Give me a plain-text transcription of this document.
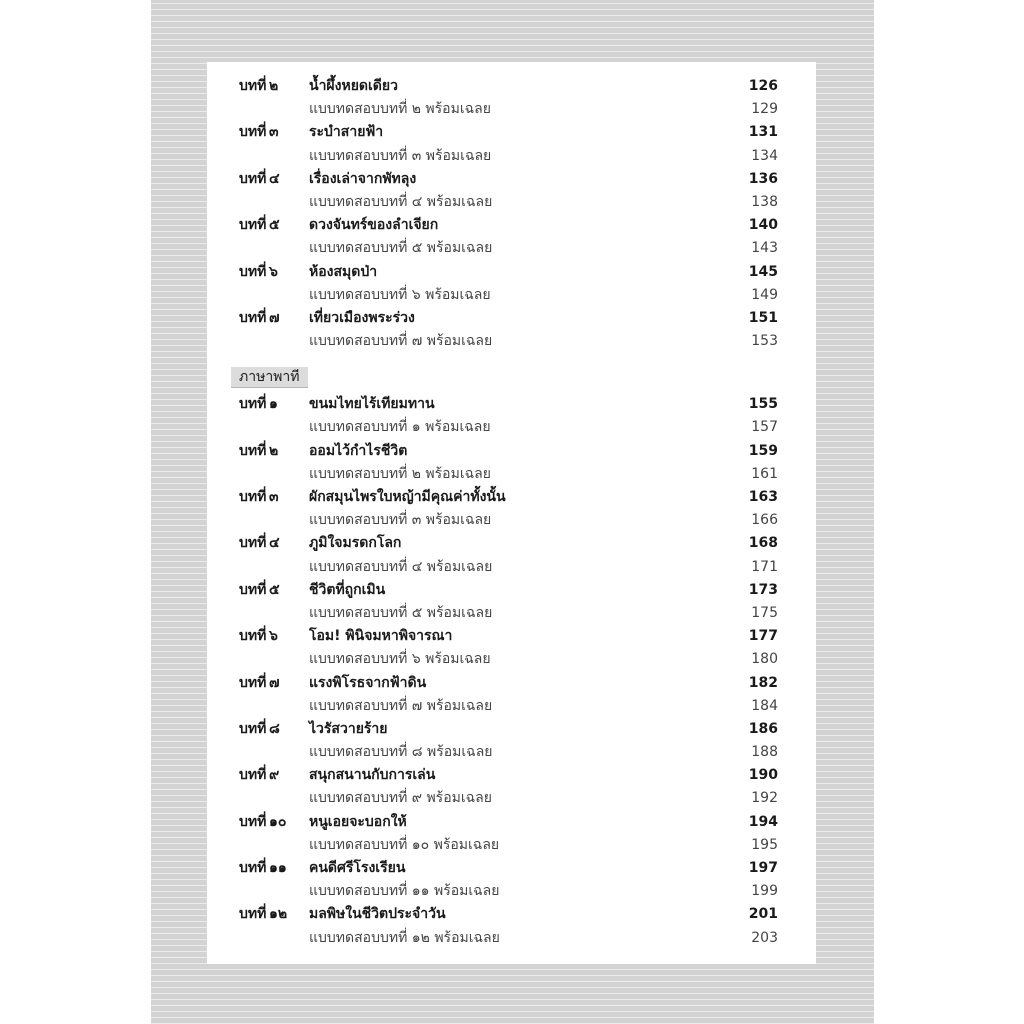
บทที่ ๒ น้ำผึ้งหยดเดียว	126
แบบทดสอบบทที่ ๒ พร้อมเฉลย	129
บทที่ ๓ ระบำสายฟ้า	131
แบบทดสอบบทที่ ๓ พร้อมเฉลย	134
บทที่ ๔ เรื่องเล่าจากพัทลุง	136
แบบทดสอบบทที่ ๔ พร้อมเฉลย	138
บทที่ ๕ ดวงจันทร์ของลำเจียก	140
แบบทดสอบบทที่ ๕ พร้อมเฉลย	143
บทที่ ๖ ห้องสมุดป่า	145
แบบทดสอบบทที่ ๖ พร้อมเฉลย	149
บทที่ ๗ เที่ยวเมืองพระร่วง	151
แบบทดสอบบทที่ ๗ พร้อมเฉลย	153
ภาษาพาที
บทที่ ๑ ขนมไทยไร้เทียมทาน	155
แบบทดสอบบทที่ ๑ พร้อมเฉลย	157
บทที่ ๒ ออมไว้กำไรชีวิต	159
แบบทดสอบบทที่ ๒ พร้อมเฉลย	161
บทที่ ๓ ผักสมุนไพรใบหญ้ามีคุณค่าทั้งนั้น	163
แบบทดสอบบทที่ ๓ พร้อมเฉลย	166
บทที่ ๔ ภูมิใจมรดกโลก	168
แบบทดสอบบทที่ ๔ พร้อมเฉลย	171
บทที่ ๕ ชีวิตที่ถูกเมิน	173
แบบทดสอบบทที่ ๕ พร้อมเฉลย	175
บทที่ ๖ โอม! พินิจมหาพิจารณา	177
แบบทดสอบบทที่ ๖ พร้อมเฉลย	180
บทที่ ๗ แรงพิโรธจากฟ้าดิน	182
แบบทดสอบบทที่ ๗ พร้อมเฉลย	184
บทที่ ๘ ไวรัสวายร้าย	186
แบบทดสอบบทที่ ๘ พร้อมเฉลย	188
บทที่ ๙ สนุกสนานกับการเล่น	190
แบบทดสอบบทที่ ๙ พร้อมเฉลย	192
บทที่ ๑๐ หนูเอยจะบอกให้	194
แบบทดสอบบทที่ ๑๐ พร้อมเฉลย	195
บทที่ ๑๑ คนดีศรีโรงเรียน	197
แบบทดสอบบทที่ ๑๑ พร้อมเฉลย	199
บทที่ ๑๒ มลพิษในชีวิตประจำวัน	201
แบบทดสอบบทที่ ๑๒ พร้อมเฉลย	203
